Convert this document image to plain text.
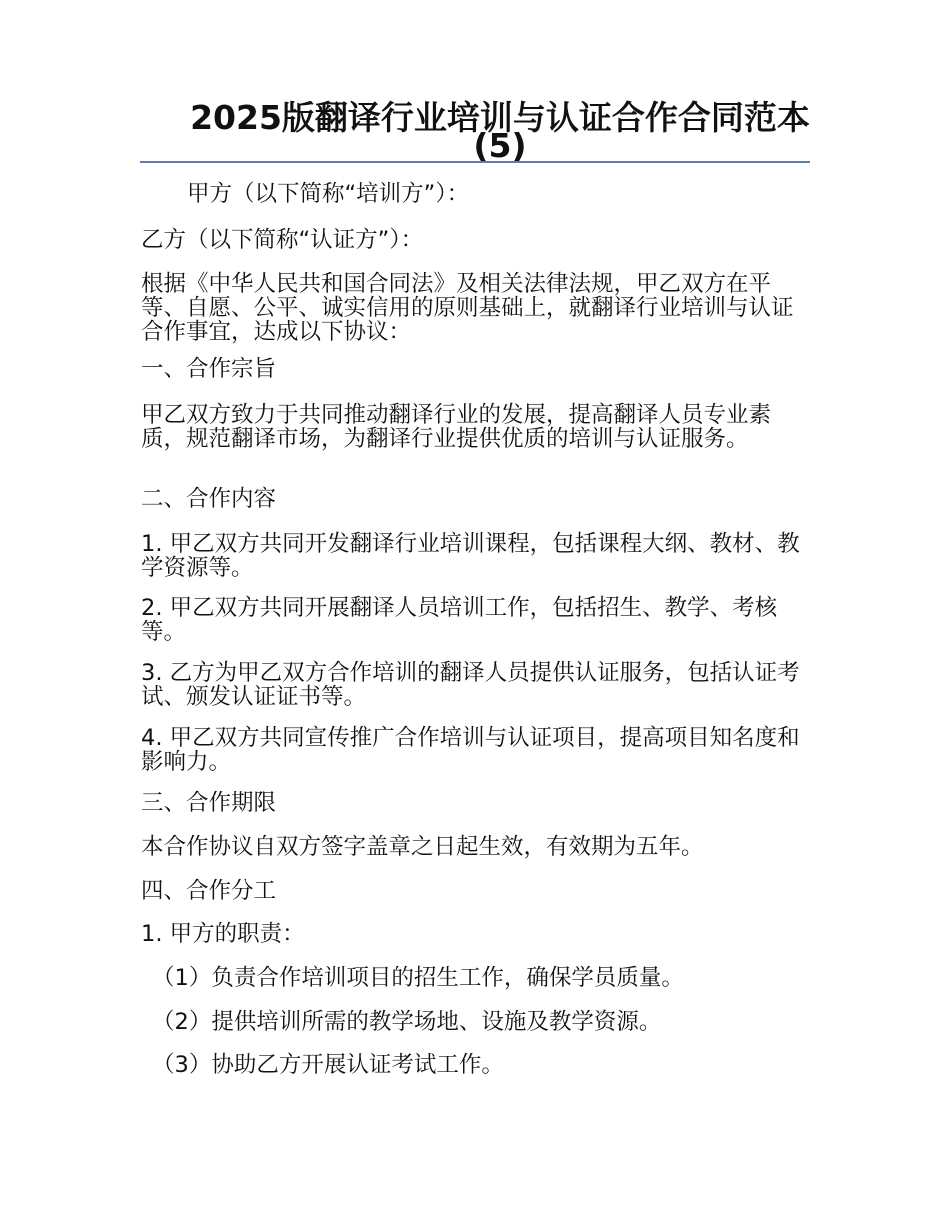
2025版翻译行业培训与认证合作合同范本(5)

甲方（以下简称“培训方”）：

乙方（以下简称“认证方”）：

根据《中华人民共和国合同法》及相关法律法规，甲乙双方在平等、自愿、公平、诚实信用的原则基础上，就翻译行业培训与认证合作事宜，达成以下协议：

一、合作宗旨

甲乙双方致力于共同推动翻译行业的发展，提高翻译人员专业素质，规范翻译市场，为翻译行业提供优质的培训与认证服务。

二、合作内容

1. 甲乙双方共同开发翻译行业培训课程，包括课程大纲、教材、教学资源等。

2. 甲乙双方共同开展翻译人员培训工作，包括招生、教学、考核等。

3. 乙方为甲乙双方合作培训的翻译人员提供认证服务，包括认证考试、颁发认证证书等。

4. 甲乙双方共同宣传推广合作培训与认证项目，提高项目知名度和影响力。

三、合作期限

本合作协议自双方签字盖章之日起生效，有效期为五年。

四、合作分工

1. 甲方的职责：

（1）负责合作培训项目的招生工作，确保学员质量。

（2）提供培训所需的教学场地、设施及教学资源。

（3）协助乙方开展认证考试工作。
